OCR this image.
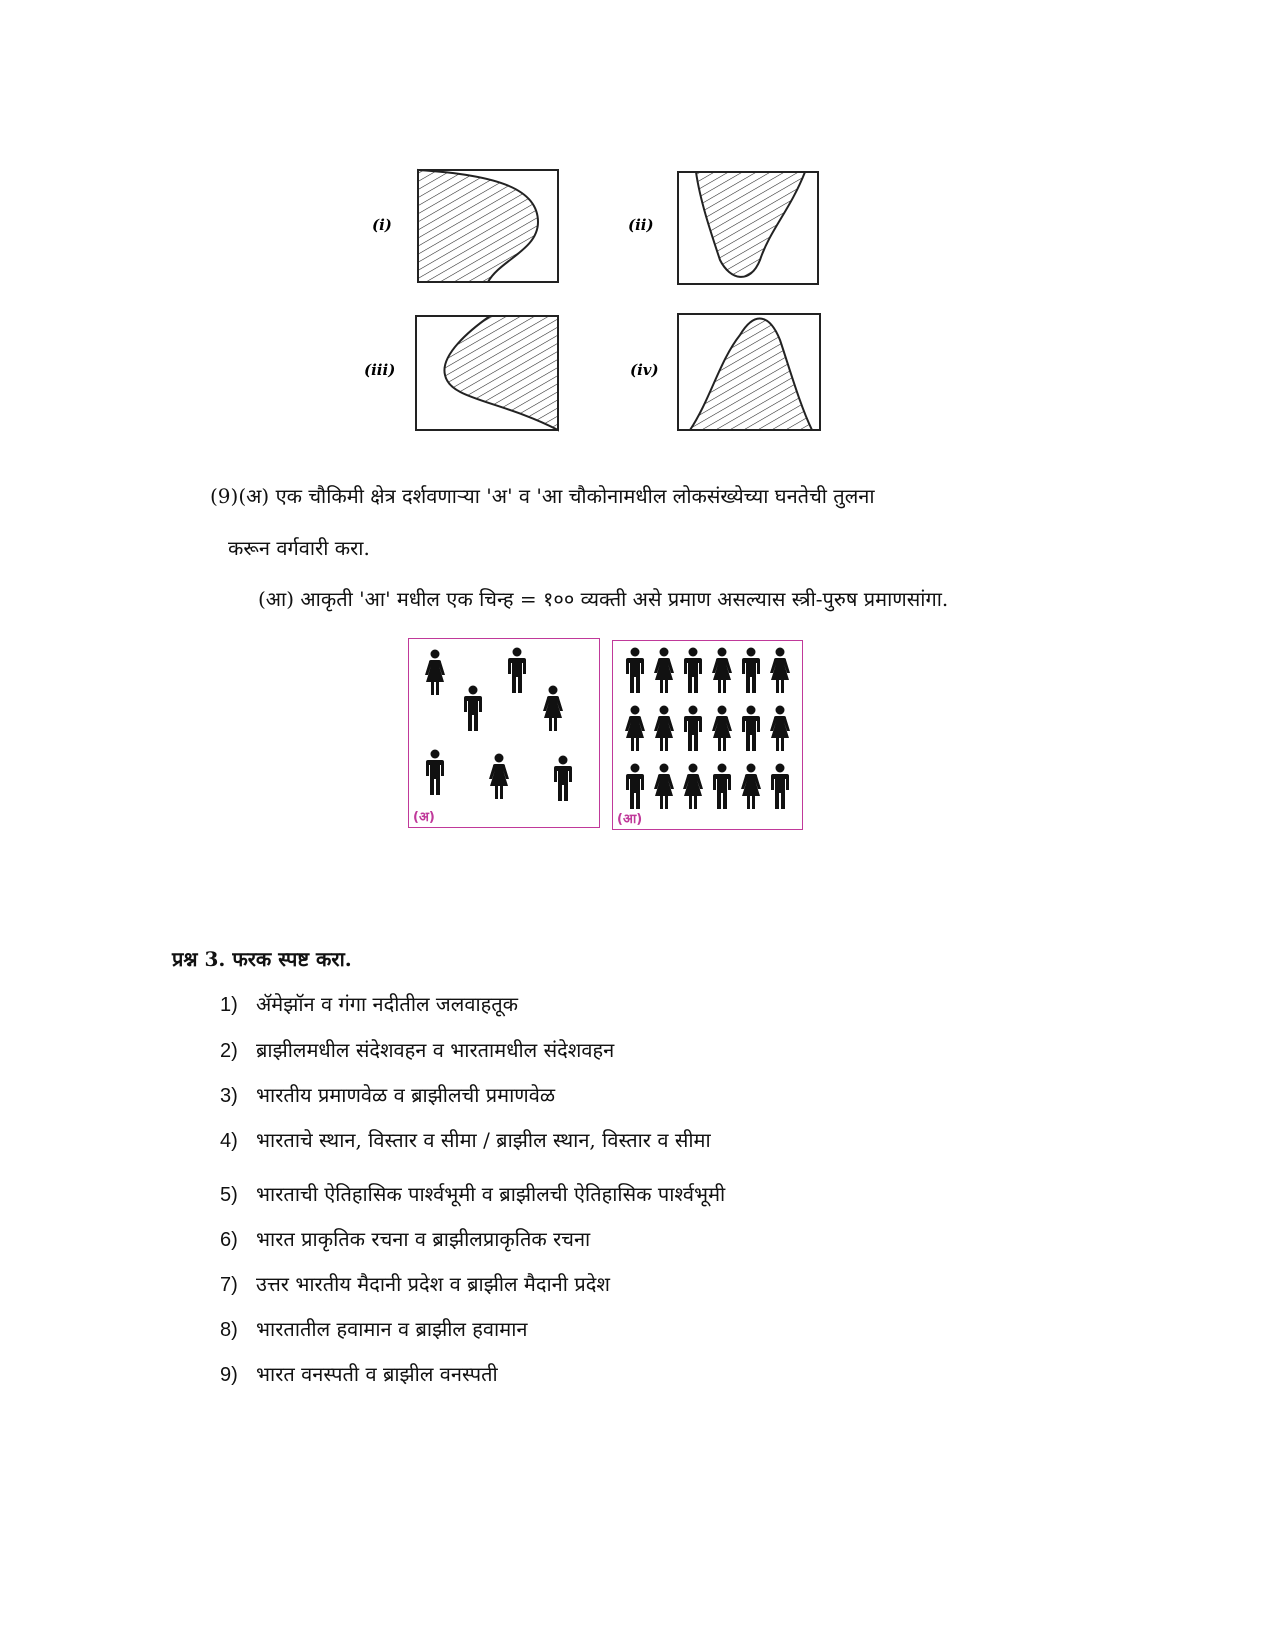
(i)	(ii)
(iii)	(iv)
(9)(अ) एक चौकिमी क्षेत्र दर्शवणाऱ्या 'अ' व 'आ चौकोनामधील लोकसंख्येच्या घनतेची तुलना
करून वर्गवारी करा.
(आ) आकृती 'आ' मधील एक चिन्ह = १०० व्यक्ती असे प्रमाण असल्यास स्त्री-पुरुष प्रमाणसांगा.
(अ)	(आ)
प्रश्न 3. फरक स्पष्ट करा.
1) ॲमेझॉन व गंगा नदीतील जलवाहतूक
2) ब्राझीलमधील संदेशवहन व भारतामधील संदेशवहन
3) भारतीय प्रमाणवेळ व ब्राझीलची प्रमाणवेळ
4) भारताचे स्थान, विस्तार व सीमा / ब्राझील स्थान, विस्तार व सीमा
5) भारताची ऐतिहासिक पार्श्वभूमी व ब्राझीलची ऐतिहासिक पार्श्वभूमी
6) भारत प्राकृतिक रचना व ब्राझीलप्राकृतिक रचना
7) उत्तर भारतीय मैदानी प्रदेश व ब्राझील मैदानी प्रदेश
8) भारतातील हवामान व ब्राझील हवामान
9) भारत वनस्पती व ब्राझील वनस्पती
